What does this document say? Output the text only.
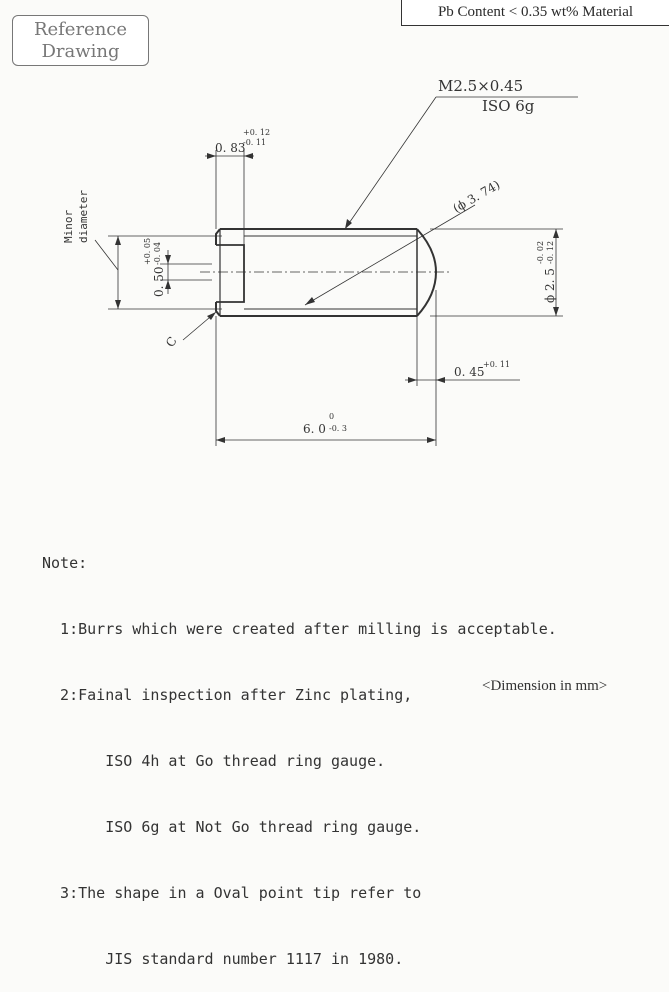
Reference
Drawing
Pb Content < 0.35 wt% Material
M2.5×0.45
ISO 6g
0. 83
+0. 12
-0. 11
Minor diameter
0. 50
+0. 05 -0. 04
(ϕ 3. 74)
ϕ 2. 5
-0. 02 -0. 12
C
0. 45
+0. 11
6. 0
0
-0. 3

Note:

1:Burrs which were created after milling is acceptable.

2:Fainal inspection after Zinc plating,

ISO 4h at Go thread ring gauge.

ISO 6g at Not Go thread ring gauge.

3:The shape in a Oval point tip refer to

JIS standard number 1117 in 1980.

<Dimension in mm>
